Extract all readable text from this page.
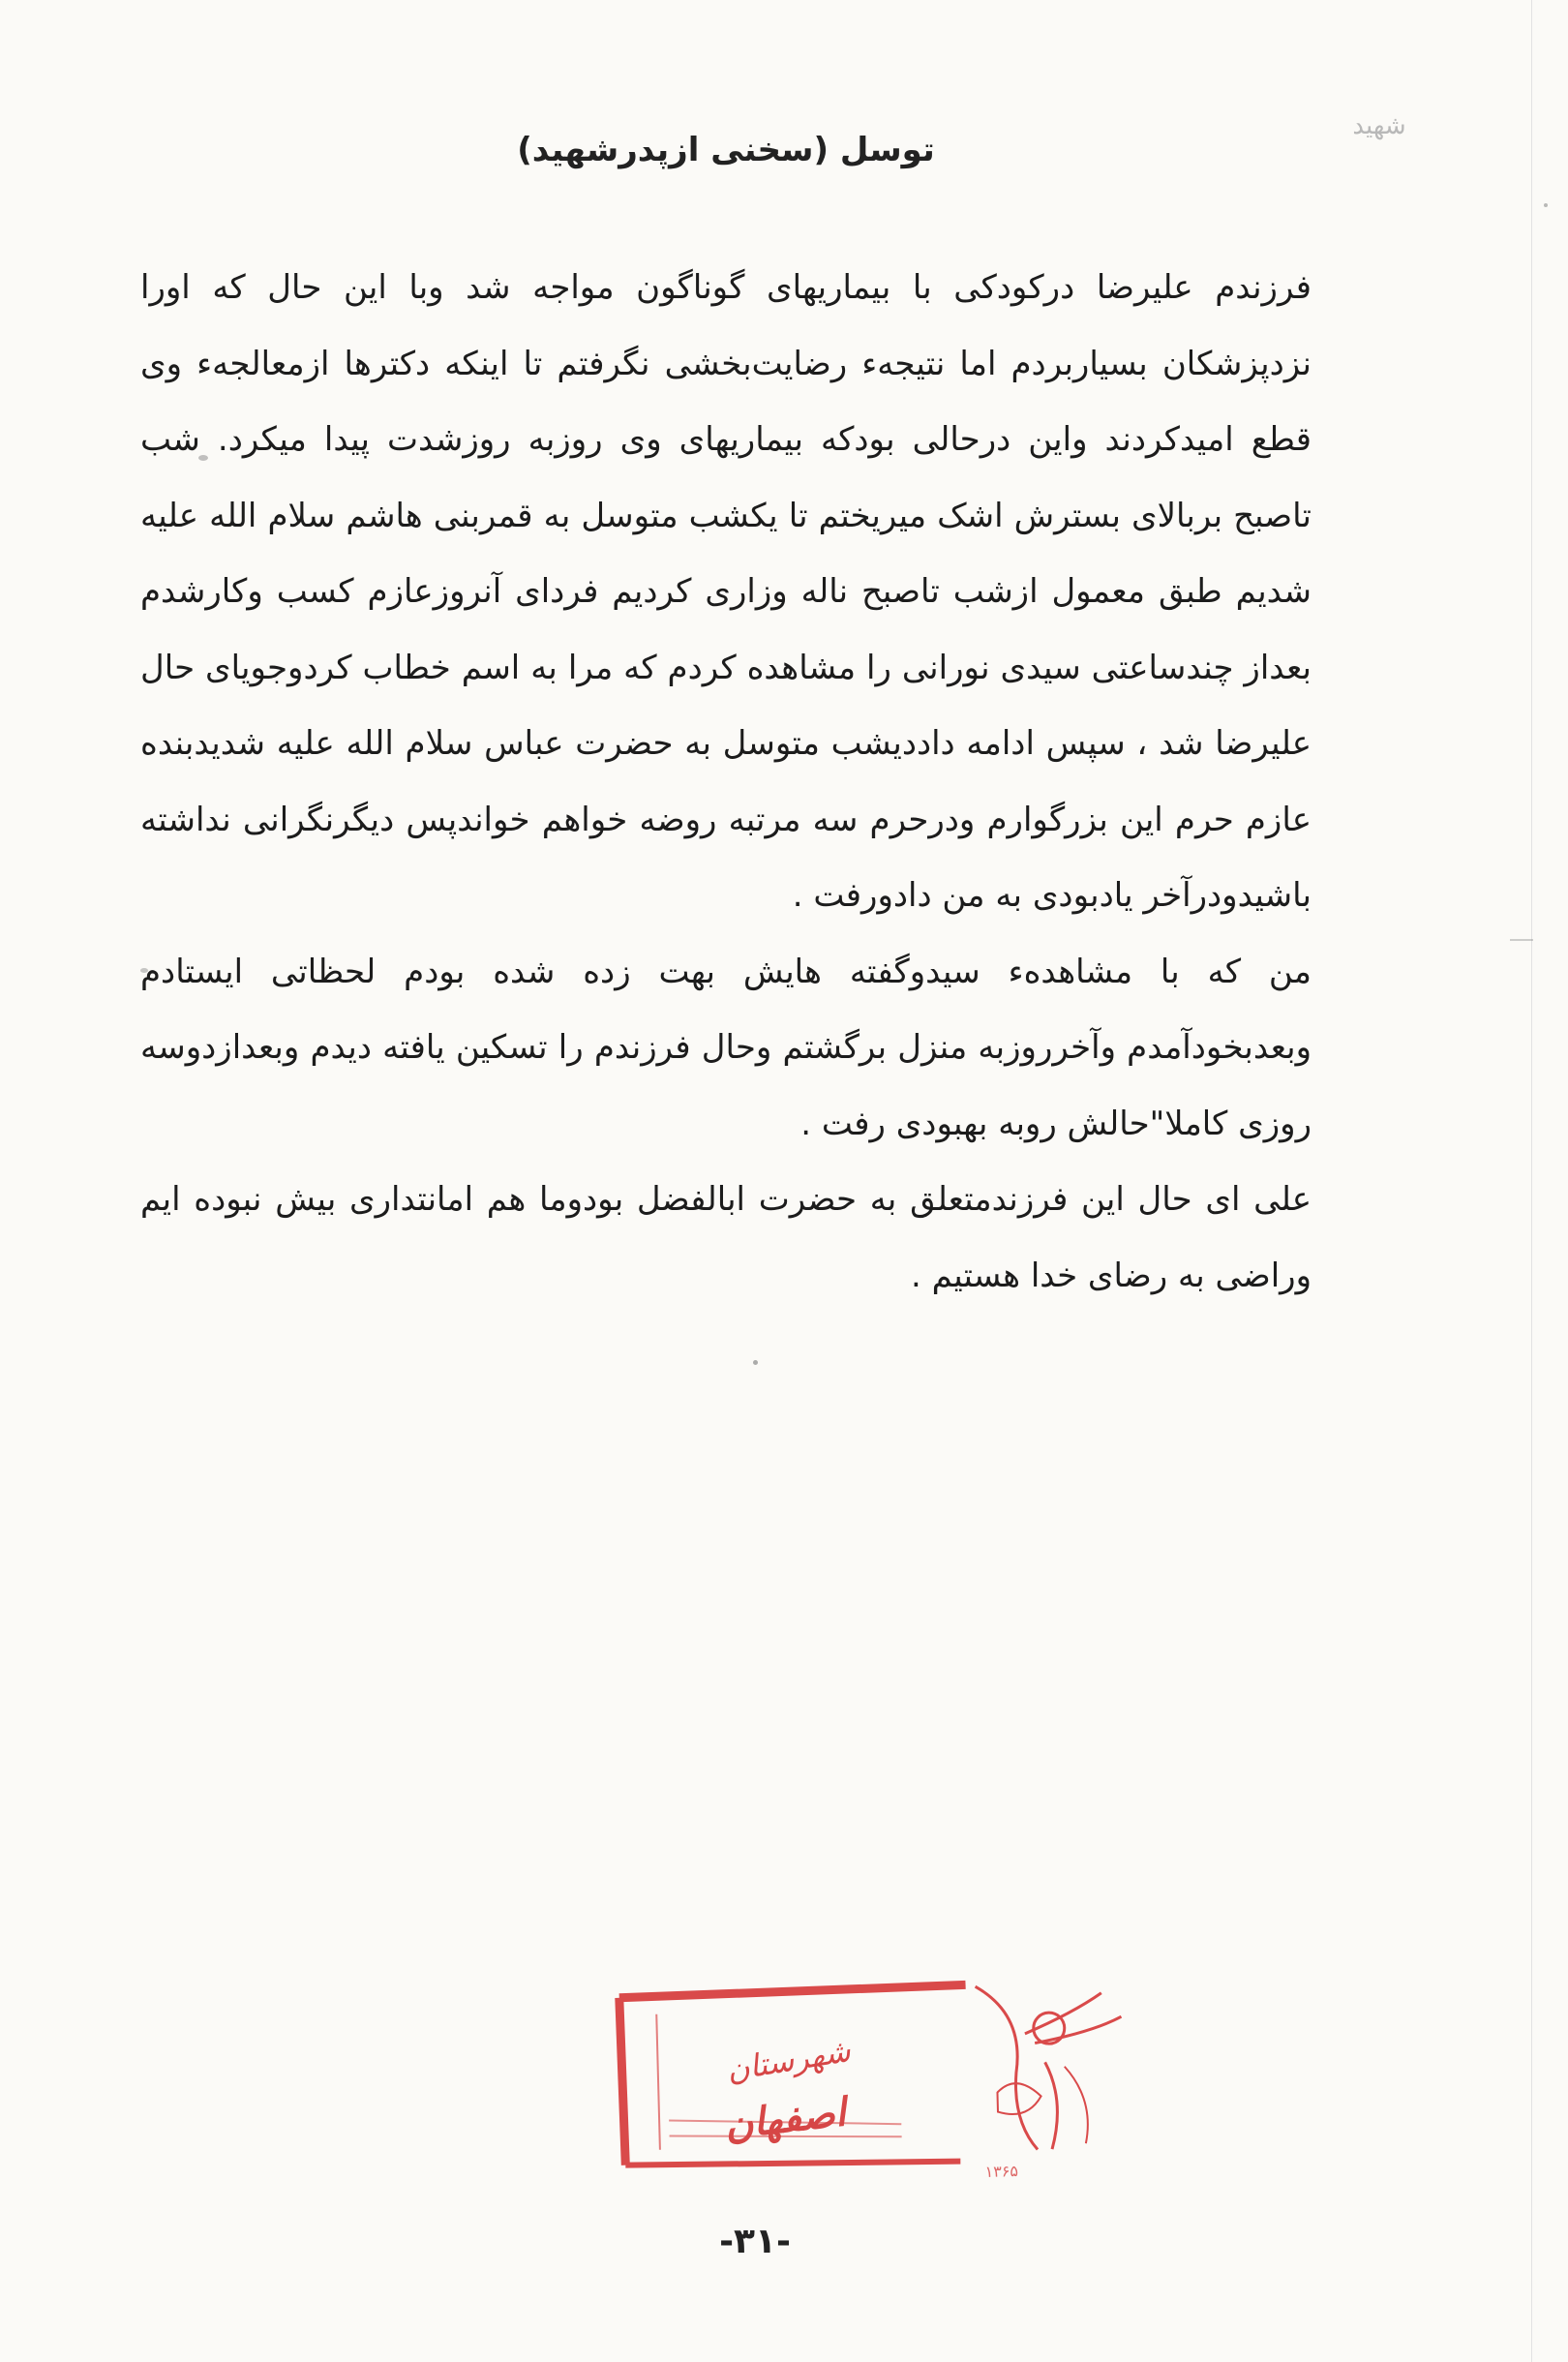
شهید
توسل (سخنی ازپدرشهید)

فرزندم علیرضا درکودکی با بیماریهای گوناگون مواجه شد وبا این حال که اورا نزدپزشکان بسیاربردم اما نتیجهء رضایت‌بخشی نگرفتم تا اینکه دکترها ازمعالجهء وی قطع امیدکردند واین درحالی بودکه بیماریهای وی روزبه روزشدت پیدا میکرد. شب تاصبح بربالای بسترش اشک میریختم تا یکشب متوسل به قمربنی هاشم سلام الله علیه شدیم طبق معمول ازشب تاصبح ناله وزاری کردیم فردای آنروزعازم کسب وکارشدم بعداز چندساعتی سیدی نورانی را مشاهده کردم که مرا به اسم خطاب کردوجویای حال علیرضا شد ، سپس ادامه داددیشب متوسل به حضرت عباس سلام الله علیه شدیدبنده عازم حرم این بزرگوارم ودرحرم سه مرتبه روضه خواهم خواندپس دیگرنگرانی نداشته باشیدودرآخر یادبودی به من دادورفت .

من که با مشاهدهء سیدوگفته هایش بهت زده شده بودم لحظاتی ایستادم وبعدبخودآمدم وآخرروزبه منزل برگشتم وحال فرزندم را تسکین یافته دیدم وبعدازدوسه روزی کاملا"حالش روبه بهبودی رفت .

علی ای حال این فرزندمتعلق به حضرت ابالفضل بودوما هم امانتداری بیش نبوده ایم وراضی به رضای خدا هستیم .

شهرستان
اصفهان
۱۳۶۵
-۳۱-
